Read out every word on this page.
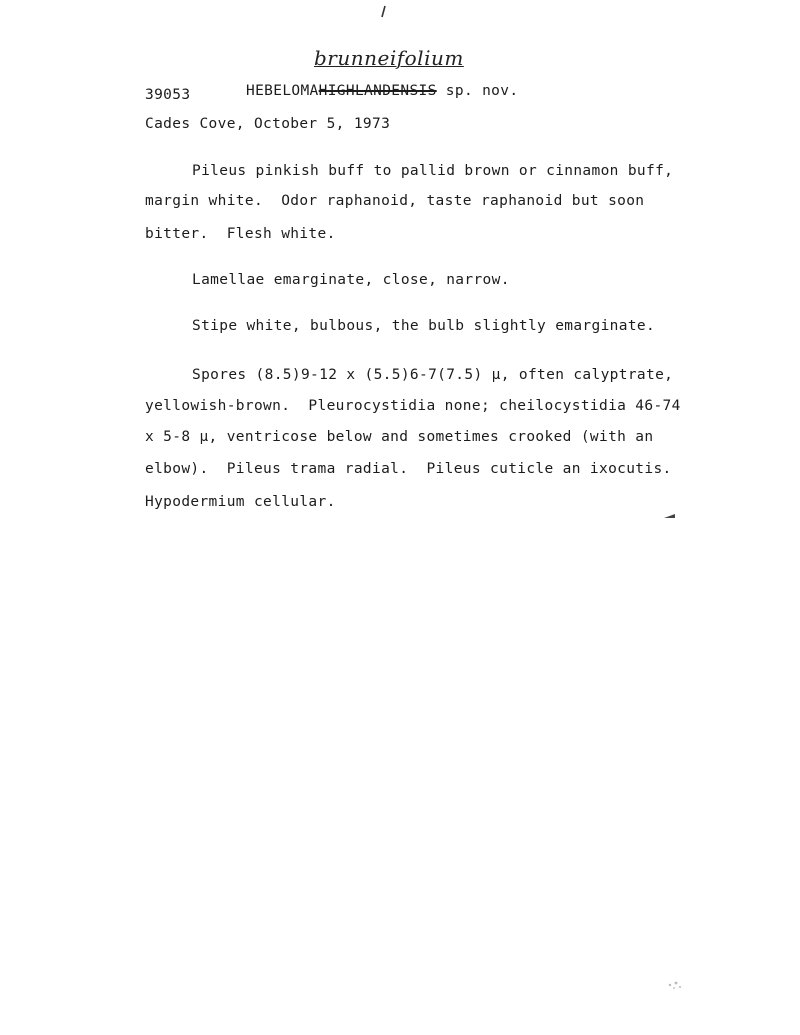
brunneifolium
39053	HEBELOMAHIGHLANDENSIS sp. nov.
Cades Cove, October 5, 1973
Pileus pinkish buff to pallid brown or cinnamon buff,
margin white.  Odor raphanoid, taste raphanoid but soon
bitter.  Flesh white.
Lamellae emarginate, close, narrow.
Stipe white, bulbous, the bulb slightly emarginate.
Spores (8.5)9-12 x (5.5)6-7(7.5) μ, often calyptrate,
yellowish-brown.  Pleurocystidia none; cheilocystidia 46-74
x 5-8 μ, ventricose below and sometimes crooked (with an
elbow).  Pileus trama radial.  Pileus cuticle an ixocutis.
Hypodermium cellular.
